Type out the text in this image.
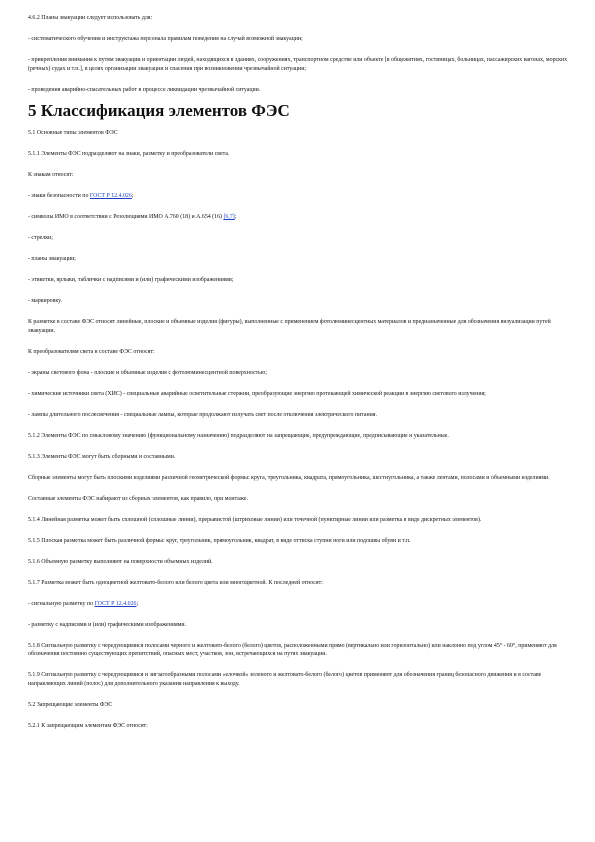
4.6.2 Планы эвакуации следует использовать для:

- систематического обучения и инструктажа персонала правилам поведения на случай возможной эвакуации;

- прикрепления внимания к путям эвакуации и ориентации людей, находящихся в зданиях, сооружениях, транспортном средстве или объекте [в общежитиях, гостиницах, больницах, пассажирских вагонах, морских (речных) судах и т.п.], в целях организации эвакуации и спасения при возникновении чрезвычайной ситуации;

- проведения аварийно-спасательных работ в процессе ликвидации чрезвычайной ситуации.

5 Классификация элементов ФЭС

5.1 Основные типы элементов ФЭС

5.1.1 Элементы ФЭС подразделяют на знаки, разметку и преобразователи света.

К знакам относят:

- знаки безопасности по ГОСТ Р 12.4.026;

- символы ИМО в соответствии с Резолюциями ИМО A.760 (18) и A.654 (16) [6,7];

- стрелки;

- планы эвакуации;

- этикетки, ярлыки, таблички с надписями и (или) графическими изображениями;

- маркировку.

К разметке в составе ФЭС относят линейные, плоские и объемные изделия (фигуры), выполненные с применением фотолюминесцентных материалов и предназначенные для обозначения визуализации путей эвакуации.

К преобразователям света в составе ФЭС относят:

- экраны светового фона - плоские и объемные изделия с фотолюминесцентной поверхностью;

- химические источники света (ХИС) - специальные аварийные осветительные стержни, преобразующие энергию протекающей химической реакции в энергию светового излучения;

- лампы длительного послесвечения - специальные лампы, которые продолжают излучать свет после отключения электрического питания.

5.1.2 Элементы ФЭС по смысловому значению (функциональному назначению) подразделяют на запрещающие, предупреждающие, предписывающие и указательные.

5.1.3 Элементы ФЭС могут быть сборными и составными.

Сборные элементы могут быть плоскими изделиями различной геометрической формы: круга, треугольника, квадрата, прямоугольника, шестиугольника, а также лентами, полосами и объемными изделиями.

Составные элементы ФЭС набирают из сборных элементов, как правило, при монтаже.

5.1.4 Линейная разметка может быть сплошной (сплошные линии), прерывистой (штриховые линии) или точечной (пунктирные линии или разметка в виде дискретных элементов).

5.1.5 Плоская разметка может быть различной формы: круг, треугольник, прямоугольник, квадрат, в виде оттиска ступни ноги или подошвы обуви и т.п.

5.1.6 Объемную разметку выполняют на поверхности объемных изделий.

5.1.7 Разметка может быть одноцветной желтовато-белого или белого цвета или многоцветной. К последней относят:

- сигнальную разметку по ГОСТ Р 12.4.026;

- разметку с надписями и (или) графическими изображениями.

5.1.8 Сигнальную разметку с чередующимися полосами черного и желтовато-белого (белого) цветов, расположенными прямо (вертикально или горизонтально) или наклонно под углом 45° - 60°, применяют для обозначения постоянно существующих препятствий, опасных мест, участков, зон, встречающихся на путях эвакуации.

5.1.9 Сигнальную разметку с чередующимися и зигзагообразными полосами «елочкой» зеленого и желтовато-белого (белого) цветов применяют для обозначения границ безопасного движения и в составе направляющих линий (полос) для дополнительного указания направления к выходу.

5.2 Запрещающие элементы ФЭС

5.2.1 К запрещающим элементам ФЭС относят:
